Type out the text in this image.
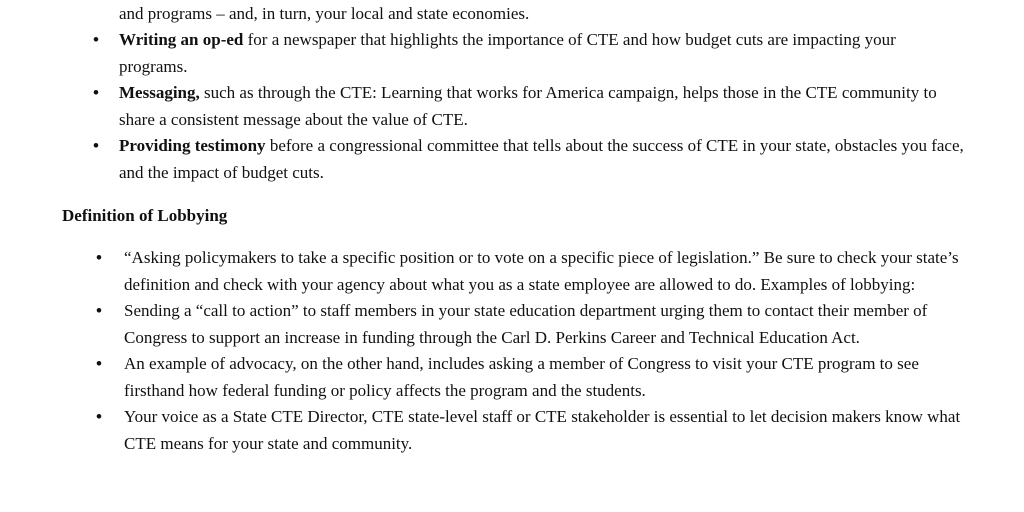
and programs – and, in turn, your local and state economies.
•	Writing an op-ed for a newspaper that highlights the importance of CTE and how budget cuts are impacting your programs.
•	Messaging, such as through the CTE: Learning that works for America campaign, helps those in the CTE community to share a consistent message about the value of CTE.
•	Providing testimony before a congressional committee that tells about the success of CTE in your state, obstacles you face, and the impact of budget cuts.
Definition of Lobbying
•	“Asking policymakers to take a specific position or to vote on a specific piece of legislation.” Be sure to check your state’s definition and check with your agency about what you as a state employee are allowed to do. Examples of lobbying:
•	Sending a “call to action” to staff members in your state education department urging them to contact their member of Congress to support an increase in funding through the Carl D. Perkins Career and Technical Education Act.
•	An example of advocacy, on the other hand, includes asking a member of Congress to visit your CTE program to see firsthand how federal funding or policy affects the program and the students.
•	Your voice as a State CTE Director, CTE state-level staff or CTE stakeholder is essential to let decision makers know what CTE means for your state and community.
